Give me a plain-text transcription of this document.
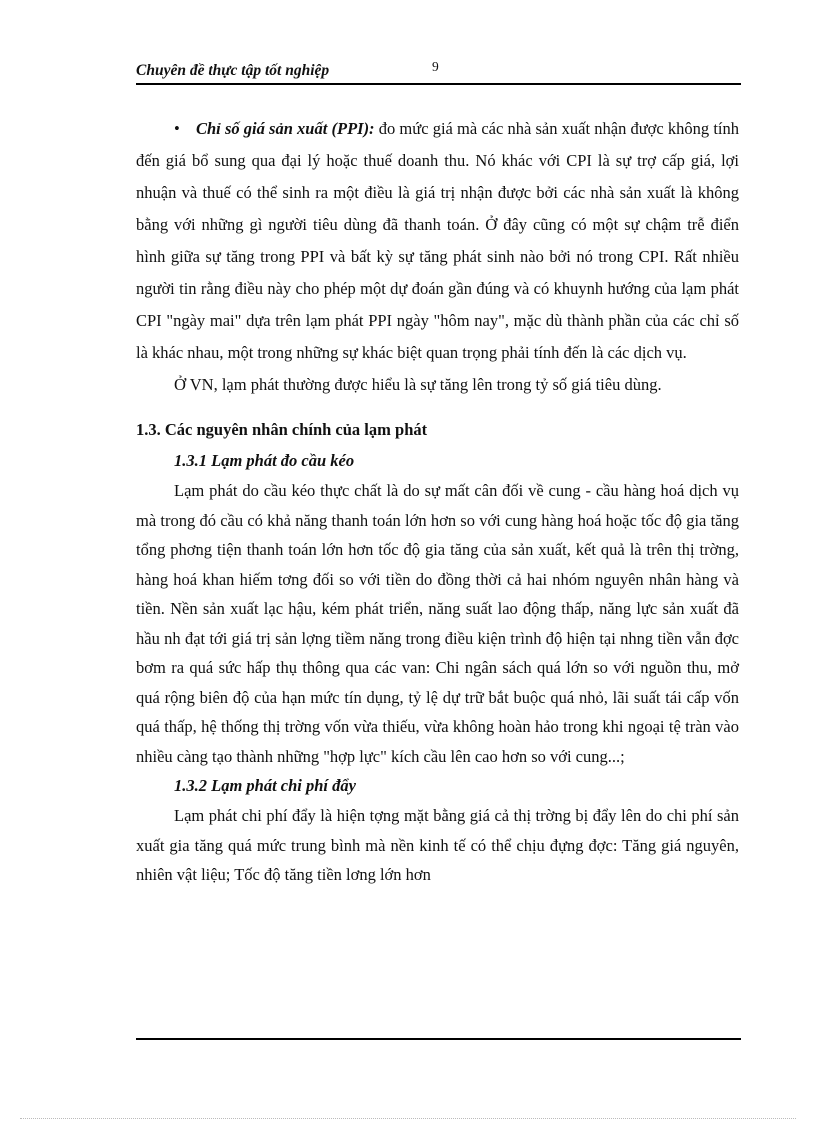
Chuyên đề thực tập tốt nghiệp	9

• Chỉ số giá sản xuất (PPI): đo mức giá mà các nhà sản xuất nhận được không tính đến giá bổ sung qua đại lý hoặc thuế doanh thu. Nó khác với CPI là sự trợ cấp giá, lợi nhuận và thuế có thể sinh ra một điều là giá trị nhận được bởi các nhà sản xuất là không bằng với những gì người tiêu dùng đã thanh toán. Ở đây cũng có một sự chậm trễ điển hình giữa sự tăng trong PPI và bất kỳ sự tăng phát sinh nào bởi nó trong CPI. Rất nhiều người tin rằng điều này cho phép một dự đoán gần đúng và có khuynh hướng của lạm phát CPI "ngày mai" dựa trên lạm phát PPI ngày "hôm nay", mặc dù thành phần của các chỉ số là khác nhau, một trong những sự khác biệt quan trọng phải tính đến là các dịch vụ.

Ở VN, lạm phát thường được hiểu là sự tăng lên trong tỷ số giá tiêu dùng.

1.3. Các nguyên nhân chính của lạm phát

1.3.1 Lạm phát đo cầu kéo

Lạm phát do cầu kéo thực chất là do sự mất cân đối về cung - cầu hàng hoá dịch vụ mà trong đó cầu có khả năng thanh toán lớn hơn so với cung hàng hoá hoặc tốc độ gia tăng tổng phơng tiện thanh toán lớn hơn tốc độ gia tăng của sản xuất, kết quả là trên thị trờng, hàng hoá khan hiếm tơng đối so với tiền do đồng thời cả hai nhóm nguyên nhân hàng và tiền. Nền sản xuất lạc hậu, kém phát triển, năng suất lao động thấp, năng lực sản xuất đã hầu nh đạt tới giá trị sản lợng tiềm năng trong điều kiện trình độ hiện tại nhng tiền vẫn đợc bơm ra quá sức hấp thụ thông qua các van: Chi ngân sách quá lớn so với nguồn thu, mở quá rộng biên độ của hạn mức tín dụng, tỷ lệ dự trữ bắt buộc quá nhỏ, lãi suất tái cấp vốn quá thấp, hệ thống thị trờng vốn vừa thiếu, vừa không hoàn hảo trong khi ngoại tệ tràn vào nhiều càng tạo thành những "hợp lực" kích cầu lên cao hơn so với cung...;

1.3.2 Lạm phát chi phí đẩy

Lạm phát chi phí đẩy là hiện tợng mặt bằng giá cả thị trờng bị đẩy lên do chi phí sản xuất gia tăng quá mức trung bình mà nền kinh tế có thể chịu đựng đợc: Tăng giá nguyên, nhiên vật liệu; Tốc độ tăng tiền lơng lớn hơn
